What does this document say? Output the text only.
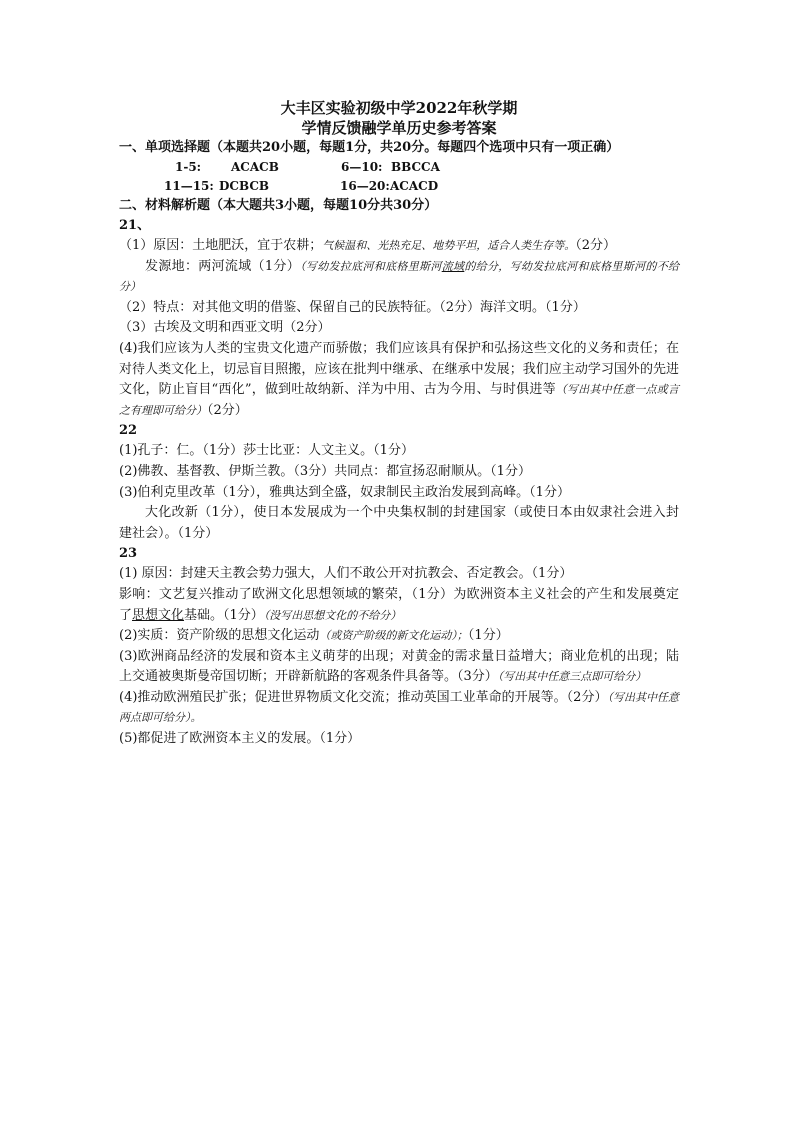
大丰区实验初级中学2022年秋学期

学情反馈融学单历史参考答案

一、单项选择题（本题共20小题，每题1分，共20分。每题四个选项中只有一项正确）

1-5:	ACACB	6—10: BBCCA
11—15: DCBCB	16—20: ACACD

二、材料解析题（本大题共3小题，每题10分共30分）

21、

（1）原因：土地肥沃，宜于农耕；气候温和、光热充足、地势平坦，适合人类生存等。（2分）

发源地：两河流域（1分）（写幼发拉底河和底格里斯河流域的给分，写幼发拉底河和底格里斯河的不给分）

（2）特点：对其他文明的借鉴、保留自己的民族特征。（2分）海洋文明。（1分）

（3）古埃及文明和西亚文明（2分）

(4)我们应该为人类的宝贵文化遗产而骄傲；我们应该具有保护和弘扬这些文化的义务和责任；在对待人类文化上，切忌盲目照搬，应该在批判中继承、在继承中发展；我们应主动学习国外的先进文化，防止盲目“西化”，做到吐故纳新、洋为中用、古为今用、与时俱进等（写出其中任意一点或言之有理即可给分）（2分）

22

(1)孔子：仁。（1分）莎士比亚：人文主义。（1分）

(2)佛教、基督教、伊斯兰教。（3分）共同点：都宣扬忍耐顺从。（1分）

(3)伯利克里改革（1分），雅典达到全盛，奴隶制民主政治发展到高峰。（1分）

大化改新（1分），使日本发展成为一个中央集权制的封建国家（或使日本由奴隶社会进入封建社会）。（1分）

23

(1) 原因：封建天主教会势力强大，人们不敢公开对抗教会、否定教会。（1分）

影响：文艺复兴推动了欧洲文化思想领域的繁荣，（1分）为欧洲资本主义社会的产生和发展奠定了思想文化基础。（1分）（没写出思想文化的不给分）

(2)实质：资产阶级的思想文化运动（或资产阶级的新文化运动）；（1分）

(3)欧洲商品经济的发展和资本主义萌芽的出现；对黄金的需求量日益增大；商业危机的出现；陆上交通被奥斯曼帝国切断；开辟新航路的客观条件具备等。（3分）（写出其中任意三点即可给分）

(4)推动欧洲殖民扩张；促进世界物质文化交流；推动英国工业革命的开展等。（2分）（写出其中任意两点即可给分）。

(5)都促进了欧洲资本主义的发展。（1分）
